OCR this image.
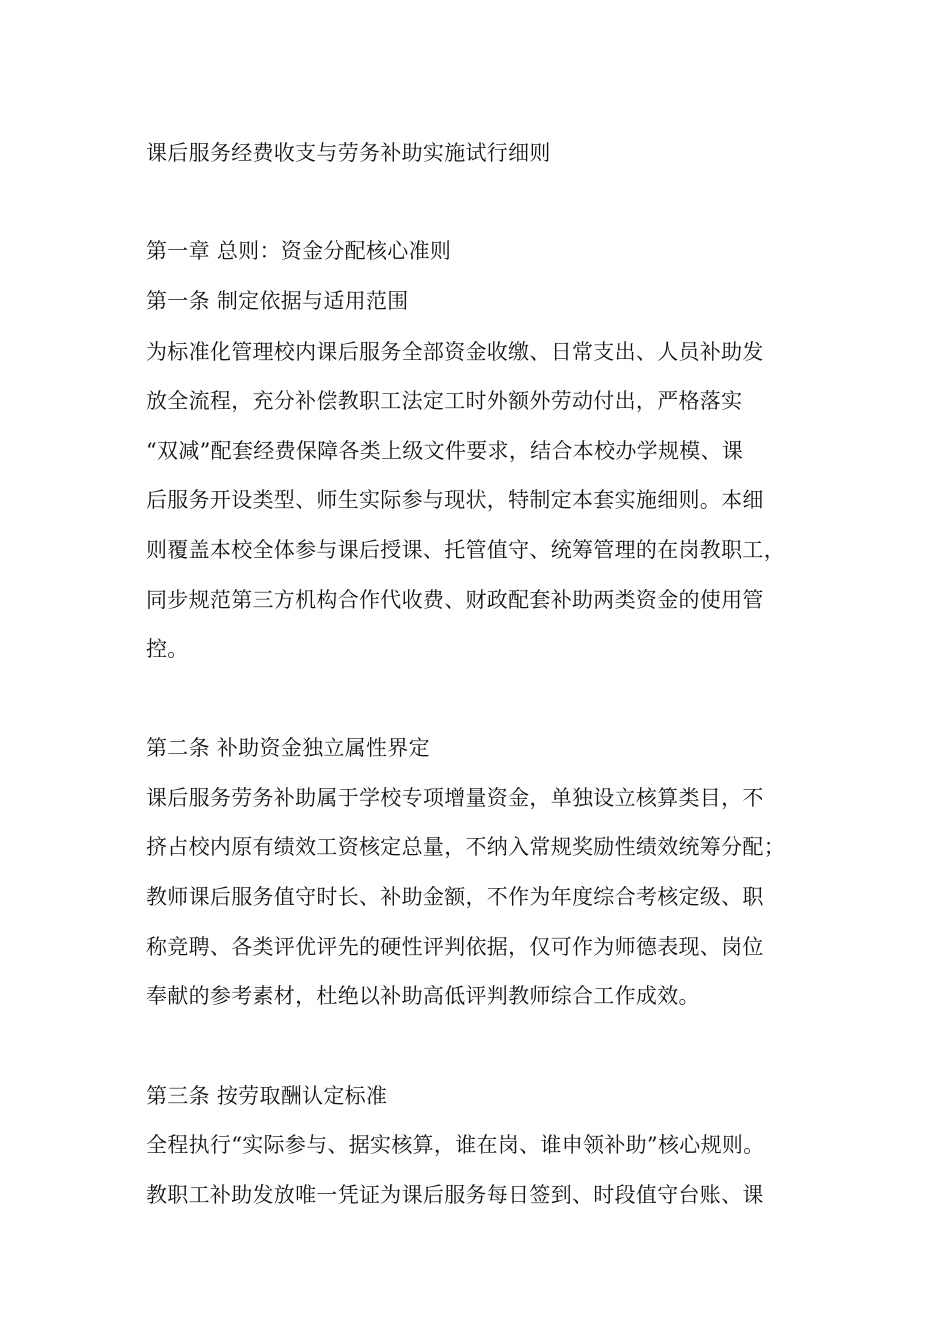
课后服务经费收支与劳务补助实施试行细则
第一章 总则：资金分配核心准则
第一条 制定依据与适用范围
为标准化管理校内课后服务全部资金收缴、日常支出、人员补助发
放全流程，充分补偿教职工法定工时外额外劳动付出，严格落实
“双减”配套经费保障各类上级文件要求，结合本校办学规模、课
后服务开设类型、师生实际参与现状，特制定本套实施细则。本细
则覆盖本校全体参与课后授课、托管值守、统筹管理的在岗教职工，
同步规范第三方机构合作代收费、财政配套补助两类资金的使用管
控。
第二条 补助资金独立属性界定
课后服务劳务补助属于学校专项增量资金，单独设立核算类目，不
挤占校内原有绩效工资核定总量，不纳入常规奖励性绩效统筹分配；
教师课后服务值守时长、补助金额，不作为年度综合考核定级、职
称竞聘、各类评优评先的硬性评判依据，仅可作为师德表现、岗位
奉献的参考素材，杜绝以补助高低评判教师综合工作成效。
第三条 按劳取酬认定标准
全程执行“实际参与、据实核算，谁在岗、谁申领补助”核心规则。
教职工补助发放唯一凭证为课后服务每日签到、时段值守台账、课
